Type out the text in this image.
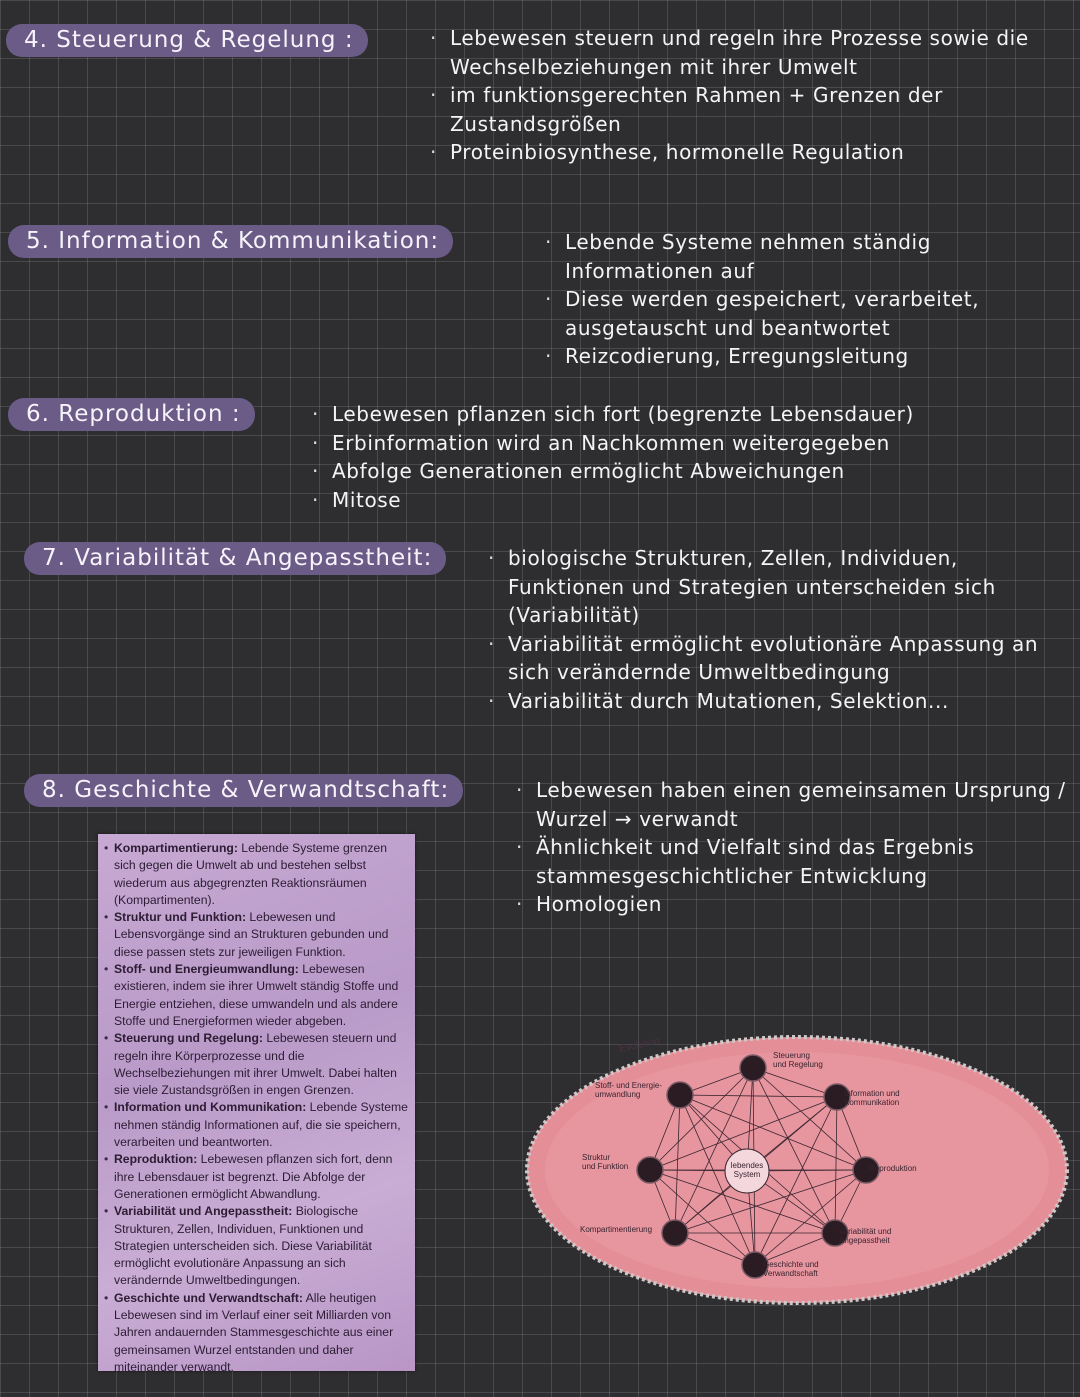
4. Steuerung & Regelung :	· Lebewesen steuern und regeln ihre Prozesse sowie die Wechselbeziehungen mit ihrer Umwelt
· im funktionsgerechten Rahmen + Grenzen der Zustandsgrößen
· Proteinbiosynthese, hormonelle Regulation
5. Information & Kommunikation:	· Lebende Systeme nehmen ständig Informationen auf
· Diese werden gespeichert, verarbeitet, ausgetauscht und beantwortet
· Reizcodierung, Erregungsleitung
6. Reproduktion :	· Lebewesen pflanzen sich fort (begrenzte Lebensdauer)
· Erbinformation wird an Nachkommen weitergegeben
· Abfolge Generationen ermöglicht Abweichungen
· Mitose
7. Variabilität & Angepasstheit:	· biologische Strukturen, Zellen, Individuen, Funktionen und Strategien unterscheiden sich (Variabilität)
· Variabilität ermöglicht evolutionäre Anpassung an sich verändernde Umweltbedingung
· Variabilität durch Mutationen, Selektion...
8. Geschichte & Verwandtschaft:	· Lebewesen haben einen gemeinsamen Ursprung / Wurzel → verwandt
· Ähnlichkeit und Vielfalt sind das Ergebnis stammesgeschichtlicher Entwicklung
· Homologien
• Kompartimentierung: Lebende Systeme grenzen sich gegen die Umwelt ab und bestehen selbst wiederum aus abgegrenzten Reaktionsräumen (Kompartimenten).
• Struktur und Funktion: Lebewesen und Lebensvorgänge sind an Strukturen gebunden und diese passen stets zur jeweiligen Funktion.
• Stoff- und Energieumwandlung: Lebewesen existieren, indem sie ihrer Umwelt ständig Stoffe und Energie entziehen, diese umwandeln und als andere Stoffe und Energieformen wieder abgeben.
• Steuerung und Regelung: Lebewesen steuern und regeln ihre Körperprozesse und die Wechselbeziehungen mit ihrer Umwelt. Dabei halten sie viele Zustandsgrößen in engen Grenzen.
• Information und Kommunikation: Lebende Systeme nehmen ständig Informationen auf, die sie speichern, verarbeiten und beantworten.
• Reproduktion: Lebewesen pflanzen sich fort, denn ihre Lebensdauer ist begrenzt. Die Abfolge der Generationen ermöglicht Abwandlung.
• Variabilität und Angepasstheit: Biologische Strukturen, Zellen, Individuen, Funktionen und Strategien unterscheiden sich. Diese Variabilität ermöglicht evolutionäre Anpassung an sich verändernde Umweltbedingungen.
• Geschichte und Verwandtschaft: Alle heutigen Lebewesen sind im Verlauf einer seit Milliarden von Jahren andauernden Stammesgeschichte aus einer gemeinsamen Wurzel entstanden und daher miteinander verwandt.
Evolution
lebendes
System
Steuerung und Regelung
Information und Kommunikation
Reproduktion
Variabilität und Angepasstheit
Geschichte und Verwandtschaft
Kompartimentierung
Struktur und Funktion
Stoff- und Energie-umwandlung
